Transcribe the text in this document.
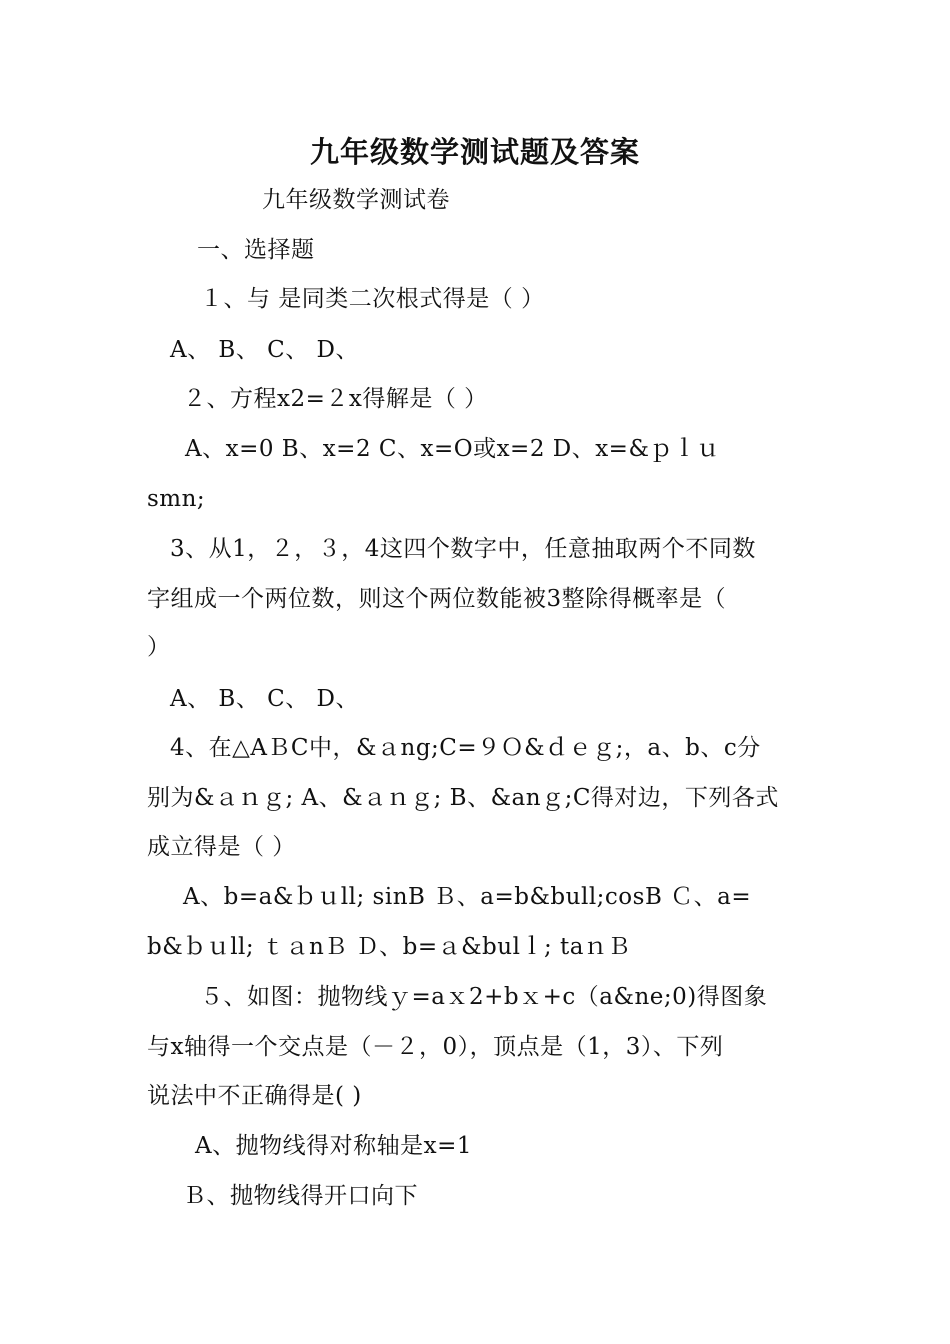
九年级数学测试题及答案
九年级数学测试卷
一、选择题
１、与 是同类二次根式得是（ ）
A、 B、 C、 D、
２、方程x2=２x得解是（ ）
A、x=0 B、x=2 C、x=O或x=2 D、x=&ｐｌｕ
smn;
3、从1，２，３，4这四个数字中，任意抽取两个不同数
字组成一个两位数，则这个两位数能被3整除得概率是（
）
A、 B、 C、 D、
4、在△AＢC中，&ａng;C=９Ｏ&ｄｅｇ;，a、b、c分
别为&ａｎｇ; A、&ａｎｇ; B、&anｇ;C得对边，下列各式
成立得是（ ）
A、b=a&ｂｕll; sinB Ｂ、a=b&bull;cosB Ｃ、a=
b&ｂｕll; ｔａnＢ Ｄ、b=ａ&bulｌ; taｎＢ
５、如图：抛物线ｙ=aｘ2+bｘ+c（a&ne;0)得图象
与x轴得一个交点是（－２，0），顶点是（1，3）、下列
说法中不正确得是( )
A、抛物线得对称轴是x=1
Ｂ、抛物线得开口向下
